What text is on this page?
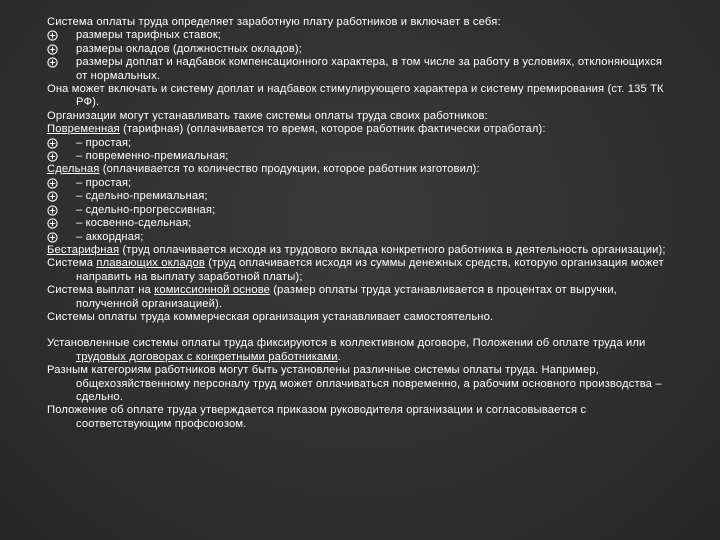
Система оплаты труда определяет заработную плату работников и включает в себя:

размеры тарифных ставок;

размеры окладов (должностных окладов);

размеры доплат и надбавок компенсационного характера, в том числе за работу в условиях, отклоняющихся от нормальных.

Она может включать и систему доплат и надбавок стимулирующего характера и систему премирования (ст. 135 ТК РФ).

Организации могут устанавливать такие системы оплаты труда своих работников:

Повременная (тарифная) (оплачивается то время, которое работник фактически отработал):

– простая;

– повременно-премиальная;

Сдельная (оплачивается то количество продукции, которое работник изготовил):

– простая;

– сдельно-премиальная;

– сдельно-прогрессивная;

– косвенно-сдельная;

– аккордная;

Бестарифная (труд оплачивается исходя из трудового вклада конкретного работника в деятельность организации);

Система плавающих окладов (труд оплачивается исходя из суммы денежных средств, которую организация может направить на выплату заработной платы);

Система выплат на комиссионной основе (размер оплаты труда устанавливается в процентах от выручки, полученной организацией).

Системы оплаты труда коммерческая организация устанавливает самостоятельно.

Установленные системы оплаты труда фиксируются в коллективном договоре, Положении об оплате труда или трудовых договорах с конкретными работниками.

Разным категориям работников могут быть установлены различные системы оплаты труда. Например, общехозяйственному персоналу труд может оплачиваться повременно, а рабочим основного производства – сдельно.

Положение об оплате труда утверждается приказом руководителя организации и согласовывается с соответствующим профсоюзом.
